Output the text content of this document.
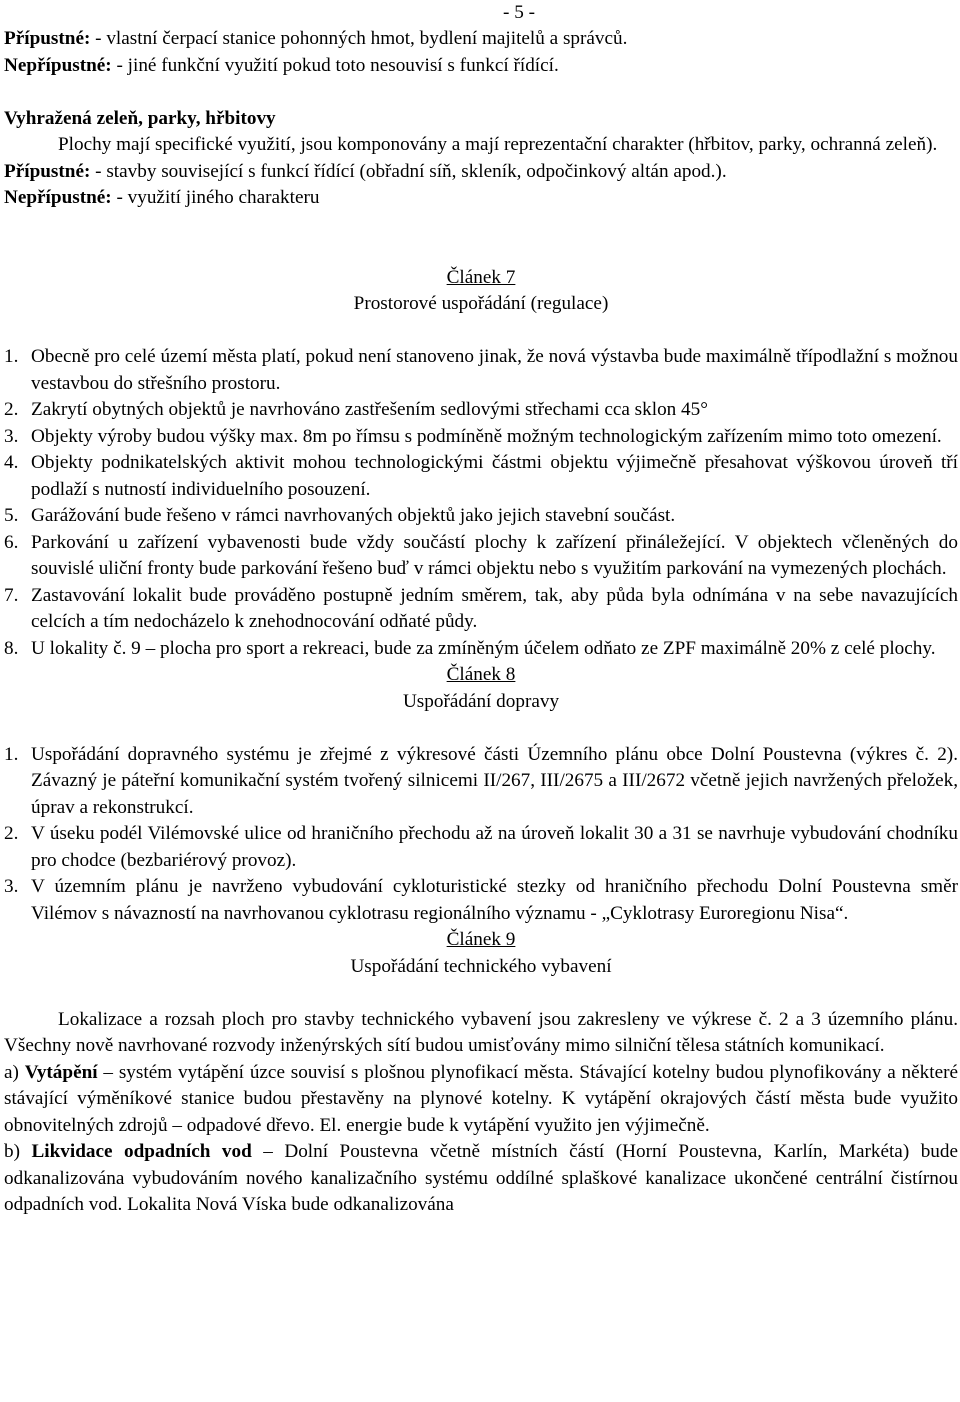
- 5 -

Přípustné: - vlastní čerpací stanice pohonných hmot, bydlení majitelů a správců.

Nepřípustné: - jiné funkční využití pokud toto nesouvisí s funkcí řídící.

Vyhražená zeleň, parky, hřbitovy

Plochy mají specifické využití, jsou komponovány a mají reprezentační charakter (hřbitov, parky, ochranná zeleň).

Přípustné: - stavby související s funkcí řídící (obřadní síň, skleník, odpočinkový altán apod.).

Nepřípustné: - využití jiného charakteru

Článek 7

Prostorové uspořádání (regulace)

1. Obecně pro celé území města platí, pokud není stanoveno jinak, že nová výstavba bude maximálně třípodlažní s možnou vestavbou do střešního prostoru.
2. Zakrytí obytných objektů je navrhováno zastřešením sedlovými střechami cca sklon 45°
3. Objekty výroby budou výšky max. 8m po římsu s podmíněně možným technologickým zařízením mimo toto omezení.
4. Objekty podnikatelských aktivit mohou technologickými částmi objektu výjimečně přesahovat výškovou úroveň tří podlaží s nutností individuelního posouzení.
5. Garážování bude řešeno v rámci navrhovaných objektů jako jejich stavební součást.
6. Parkování u zařízení vybavenosti bude vždy součástí plochy k zařízení přináležející. V objektech včleněných do souvislé uliční fronty bude parkování řešeno buď v rámci objektu nebo s využitím parkování na vymezených plochách.
7. Zastavování lokalit bude prováděno postupně jedním směrem, tak, aby půda byla odnímána v na sebe navazujících celcích a tím nedocházelo k znehodnocování odňaté půdy.
8. U lokality č. 9 – plocha pro sport a rekreaci, bude za zmíněným účelem odňato ze ZPF maximálně 20% z celé plochy.

Článek 8

Uspořádání dopravy

1. Uspořádání dopravného systému je zřejmé z výkresové části Územního plánu obce Dolní Poustevna (výkres č. 2). Závazný je páteřní komunikační systém tvořený silnicemi II/267, III/2675 a III/2672 včetně jejich navržených přeložek, úprav a rekonstrukcí.
2. V úseku podél Vilémovské ulice od hraničního přechodu až na úroveň lokalit 30 a 31 se navrhuje vybudování chodníku pro chodce (bezbariérový provoz).
3. V územním plánu je navrženo vybudování cykloturistické stezky od hraničního přechodu Dolní Poustevna směr Vilémov s návazností na navrhovanou cyklotrasu regionálního významu - „Cyklotrasy Euroregionu Nisa“.

Článek 9

Uspořádání technického vybavení

Lokalizace a rozsah ploch pro stavby technického vybavení jsou zakresleny ve výkrese č. 2 a 3 územního plánu. Všechny nově navrhované rozvody inženýrských sítí budou umisťovány mimo silniční tělesa státních komunikací.

a) Vytápění – systém vytápění úzce souvisí s plošnou plynofikací města. Stávající kotelny budou plynofikovány a některé stávající výměníkové stanice budou přestavěny na plynové kotelny. K vytápění okrajových částí města bude využito obnovitelných zdrojů – odpadové dřevo. El. energie bude k vytápění využito jen výjimečně.

b) Likvidace odpadních vod – Dolní Poustevna včetně místních částí (Horní Poustevna, Karlín, Markéta) bude odkanalizována vybudováním nového kanalizačního systému oddílné splaškové kanalizace ukončené centrální čistírnou odpadních vod. Lokalita Nová Víska bude odkanalizována
